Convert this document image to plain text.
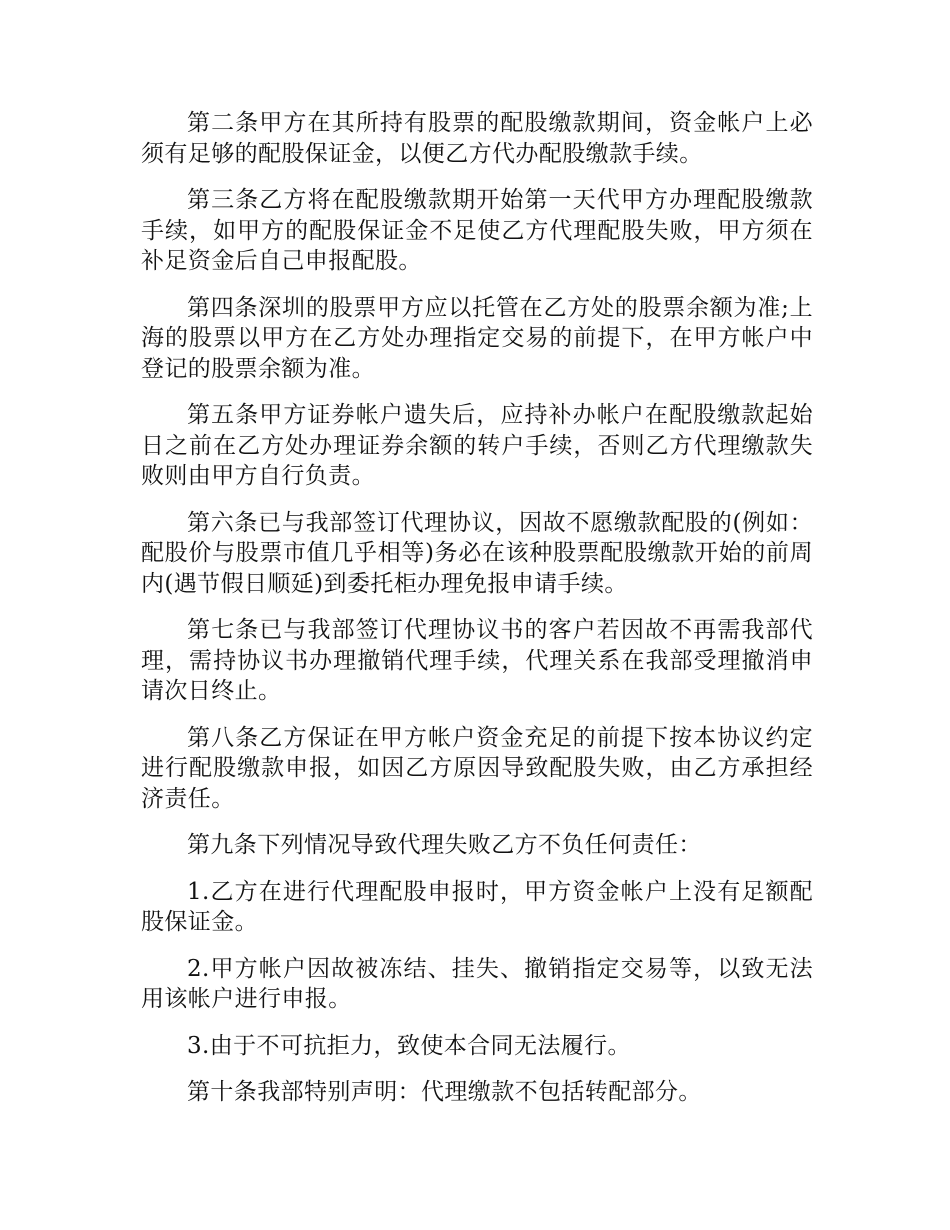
第二条甲方在其所持有股票的配股缴款期间，资金帐户上必须有足够的配股保证金，以便乙方代办配股缴款手续。

第三条乙方将在配股缴款期开始第一天代甲方办理配股缴款手续，如甲方的配股保证金不足使乙方代理配股失败，甲方须在补足资金后自己申报配股。

第四条深圳的股票甲方应以托管在乙方处的股票余额为准;上海的股票以甲方在乙方处办理指定交易的前提下，在甲方帐户中登记的股票余额为准。

第五条甲方证券帐户遗失后，应持补办帐户在配股缴款起始日之前在乙方处办理证券余额的转户手续，否则乙方代理缴款失败则由甲方自行负责。

第六条已与我部签订代理协议，因故不愿缴款配股的(例如：配股价与股票市值几乎相等)务必在该种股票配股缴款开始的前周内(遇节假日顺延)到委托柜办理免报申请手续。

第七条已与我部签订代理协议书的客户若因故不再需我部代理，需持协议书办理撤销代理手续，代理关系在我部受理撤消申请次日终止。

第八条乙方保证在甲方帐户资金充足的前提下按本协议约定进行配股缴款申报，如因乙方原因导致配股失败，由乙方承担经济责任。

第九条下列情况导致代理失败乙方不负任何责任：

1.乙方在进行代理配股申报时，甲方资金帐户上没有足额配股保证金。

2.甲方帐户因故被冻结、挂失、撤销指定交易等，以致无法用该帐户进行申报。

3.由于不可抗拒力，致使本合同无法履行。

第十条我部特别声明：代理缴款不包括转配部分。
